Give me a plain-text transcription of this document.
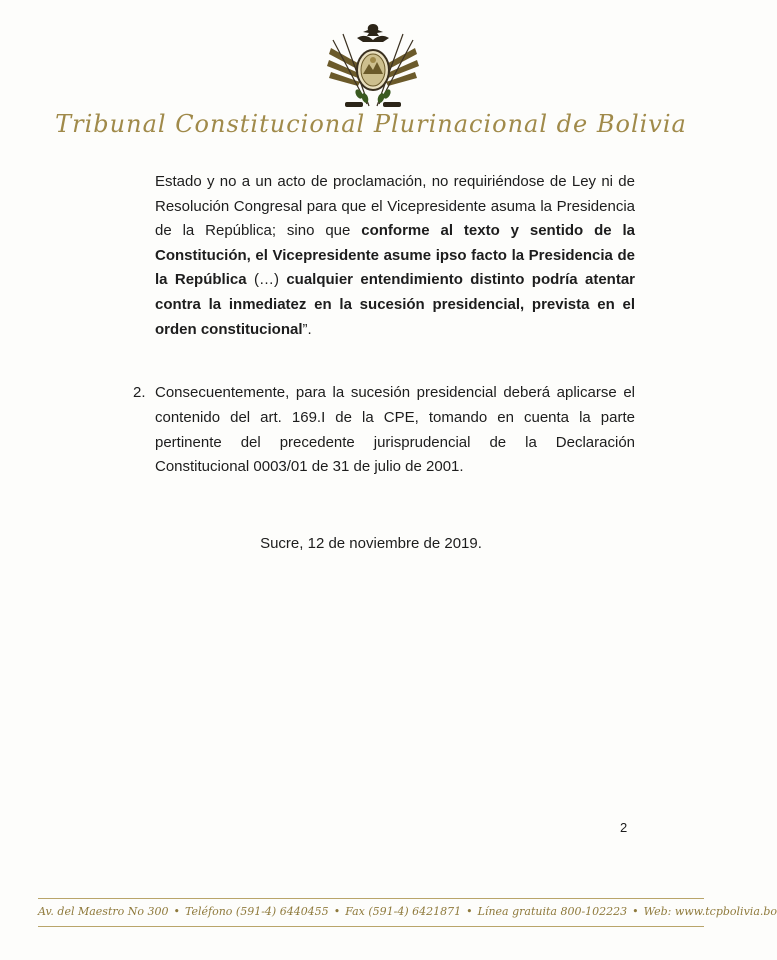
Tribunal Constitucional Plurinacional de Bolivia
Estado y no a un acto de proclamación, no requiriéndose de Ley ni de Resolución Congresal para que el Vicepresidente asuma la Presidencia de la República; sino que conforme al texto y sentido de la Constitución, el Vicepresidente asume ipso facto la Presidencia de la República (…) cualquier entendimiento distinto podría atentar contra la inmediatez en la sucesión presidencial, prevista en el orden constitucional”.
2. Consecuentemente, para la sucesión presidencial deberá aplicarse el contenido del art. 169.I de la CPE, tomando en cuenta la parte pertinente del precedente jurisprudencial de la Declaración Constitucional 0003/01 de 31 de julio de 2001.
Sucre, 12 de noviembre de 2019.
2
Av. del Maestro No 300 • Teléfono (591-4) 6440455 • Fax (591-4) 6421871 • Línea gratuita 800-102223 • Web: www.tcpbolivia.bo
